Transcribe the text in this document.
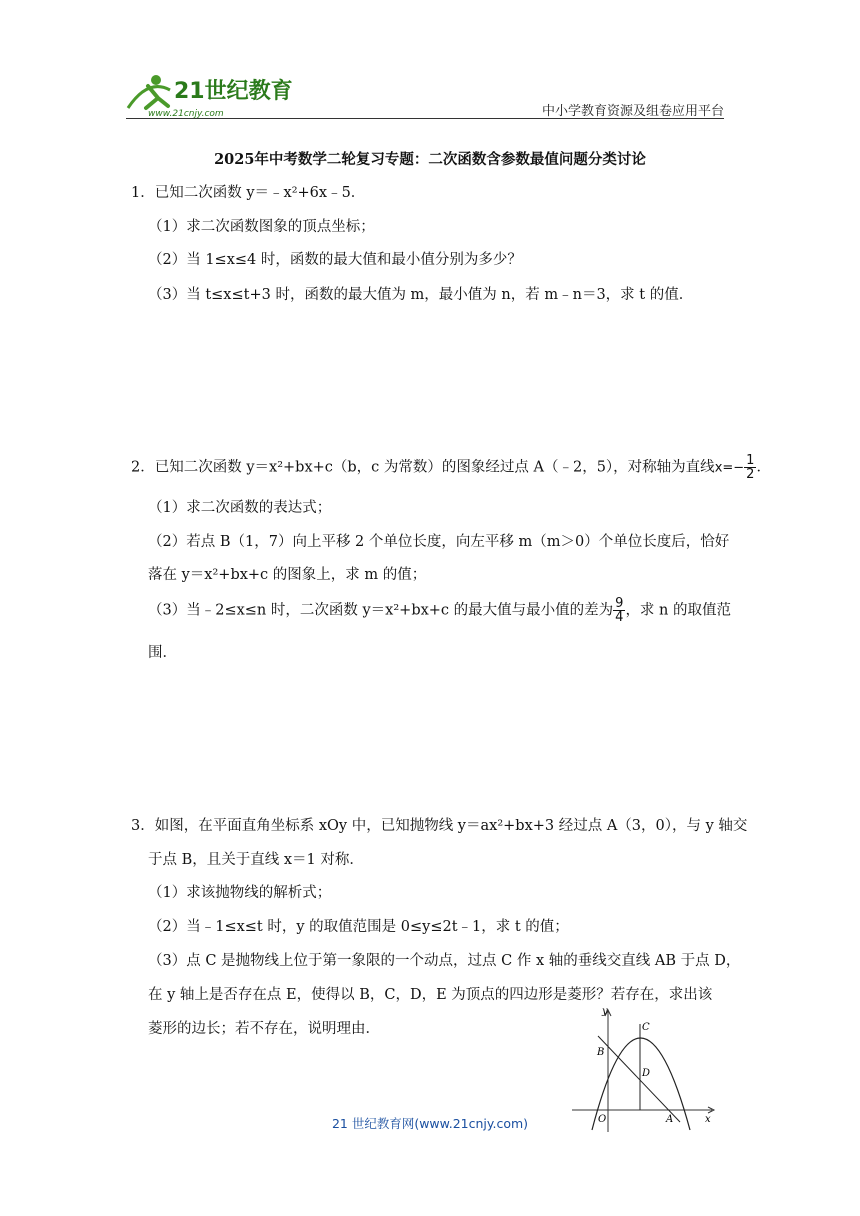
21世纪教育
www.21cnjy.com	中小学教育资源及组卷应用平台
2025年中考数学二轮复习专题：二次函数含参数最值问题分类讨论
1．已知二次函数 y＝﹣x²+6x﹣5．
（1）求二次函数图象的顶点坐标；
（2）当 1≤x≤4 时，函数的最大值和最小值分别为多少？
（3）当 t≤x≤t+3 时，函数的最大值为 m，最小值为 n，若 m﹣n＝3，求 t 的值．
2．已知二次函数 y＝x²+bx+c（b，c 为常数）的图象经过点 A（﹣2，5），对称轴为直线$x=- \frac{1}{2}$ ．
（1）求二次函数的表达式；
（2）若点 B（1，7）向上平移 2 个单位长度，向左平移 m（m＞0）个单位长度后，恰好
落在 y＝x²+bx+c 的图象上，求 m 的值；
（3）当﹣2≤x≤n 时，二次函数 y＝x²+bx+c 的最大值与最小值的差为 $\frac{9}{4}$ ，求 n 的取值范
围．
3．如图，在平面直角坐标系 xOy 中，已知抛物线 y＝ax²+bx+3 经过点 A（3，0），与 y 轴交
于点 B，且关于直线 x＝1 对称．
（1）求该抛物线的解析式；
（2）当﹣1≤x≤t 时，y 的取值范围是 0≤y≤2t﹣1，求 t 的值；
（3）点 C 是抛物线上位于第一象限的一个动点，过点 C 作 x 轴的垂线交直线 AB 于点 D，
在 y 轴上是否存在点 E，使得以 B，C，D，E 为顶点的四边形是菱形？若存在，求出该
菱形的边长；若不存在，说明理由．
y
x
O	A
B
C
D
21 世纪教育网(www.21cnjy.com)
